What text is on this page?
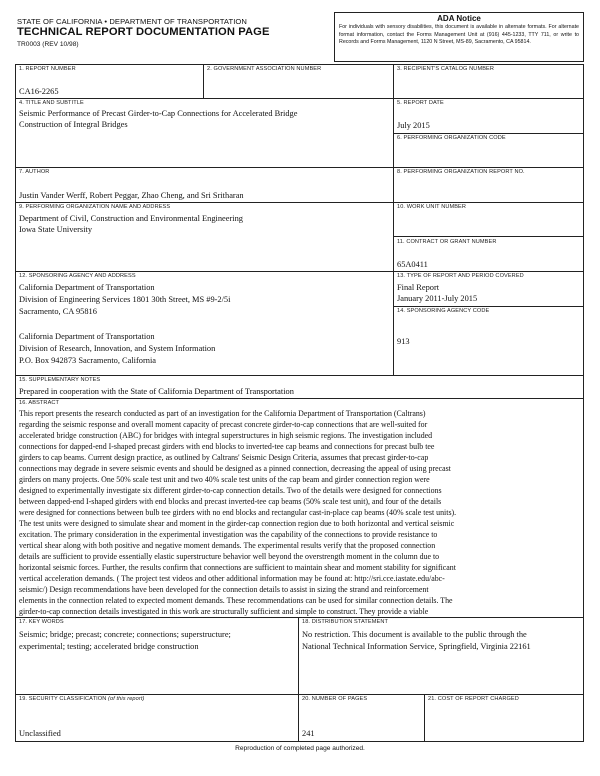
STATE OF CALIFORNIA • DEPARTMENT OF TRANSPORTATION
TECHNICAL REPORT DOCUMENTATION PAGE
TR0003 (REV 10/98)
ADA Notice
For individuals with sensory disabilities, this document is available in alternate formats. For alternate format information, contact the Forms Management Unit at (916) 445-1233, TTY 711, or write to Records and Forms Management, 1120 N Street, MS-89, Sacramento, CA 95814.
1. REPORT NUMBER
CA16-2265
2. GOVERNMENT ASSOCIATION NUMBER	3. RECIPIENT'S CATALOG NUMBER
4. TITLE AND SUBTITLE
Seismic Performance of Precast Girder-to-Cap Connections for Accelerated Bridge
Construction of Integral Bridges
5. REPORT DATE
July 2015
6. PERFORMING ORGANIZATION CODE
7. AUTHOR
Justin Vander Werff, Robert Peggar, Zhao Cheng, and Sri Sritharan
8. PERFORMING ORGANIZATION REPORT NO.
9. PERFORMING ORGANIZATION NAME AND ADDRESS
Department of Civil, Construction and Environmental Engineering
Iowa State University
10. WORK UNIT NUMBER
11. CONTRACT OR GRANT NUMBER
65A0411
12. SPONSORING AGENCY AND ADDRESS
California Department of Transportation
Division of Engineering Services 1801 30th Street, MS #9-2/5i
Sacramento, CA 95816
California Department of Transportation
Division of Research, Innovation, and System Information
P.O. Box 942873 Sacramento, California
13. TYPE OF REPORT AND PERIOD COVERED
Final Report
January 2011-July 2015
14. SPONSORING AGENCY CODE
913
15. SUPPLEMENTARY NOTES
Prepared in cooperation with the State of California Department of Transportation
16. ABSTRACT
This report presents the research conducted as part of an investigation for the California Department of Transportation (Caltrans)
regarding the seismic response and overall moment capacity of precast concrete girder-to-cap connections that are well-suited for
accelerated bridge construction (ABC) for bridges with integral superstructures in high seismic regions. The investigation included
connections for dapped-end I-shaped precast girders with end blocks to inverted-tee cap beams and connections for precast bulb tee
girders to cap beams. Current design practice, as outlined by Caltrans' Seismic Design Criteria, assumes that precast girder-to-cap
connections may degrade in severe seismic events and should be designed as a pinned connection, decreasing the appeal of using precast
girders on many projects. One 50% scale test unit and two 40% scale test units of the cap beam and girder connection region were
designed to experimentally investigate six different girder-to-cap connection details. Two of the details were designed for connections
between dapped-end I-shaped girders with end blocks and precast inverted-tee cap beams (50% scale test unit), and four of the details
were designed for connections between bulb tee girders with no end blocks and rectangular cast-in-place cap beams (40% scale test units).
The test units were designed to simulate shear and moment in the girder-cap connection region due to both horizontal and vertical seismic
excitation. The primary consideration in the experimental investigation was the capability of the connections to provide resistance to
vertical shear along with both positive and negative moment demands. The experimental results verify that the proposed connection
details are sufficient to provide essentially elastic superstructure behavior well beyond the overstrength moment in the column due to
horizontal seismic forces. Further, the results confirm that connections are sufficient to maintain shear and moment stability for significant
vertical acceleration demands. ( The project test videos and other additional information may be found at: http://sri.cce.iastate.edu/abc-
seismic/) Design recommendations have been developed for the connection details to assist in sizing the strand and reinforcement
elements in the connection related to expected moment demands. These recommendations can be used for similar connection details. The
girder-to-cap connection details investigated in this work are structurally sufficient and simple to construct. They provide a viable
17. KEY WORDS
Seismic; bridge; precast; concrete; connections; superstructure;
experimental; testing; accelerated bridge construction
18. DISTRIBUTION STATEMENT
No restriction. This document is available to the public through the
National Technical Information Service, Springfield, Virginia 22161
19. SECURITY CLASSIFICATION (of this report)
Unclassified
20. NUMBER OF PAGES
241
21. COST OF REPORT CHARGED
Reproduction of completed page authorized.
